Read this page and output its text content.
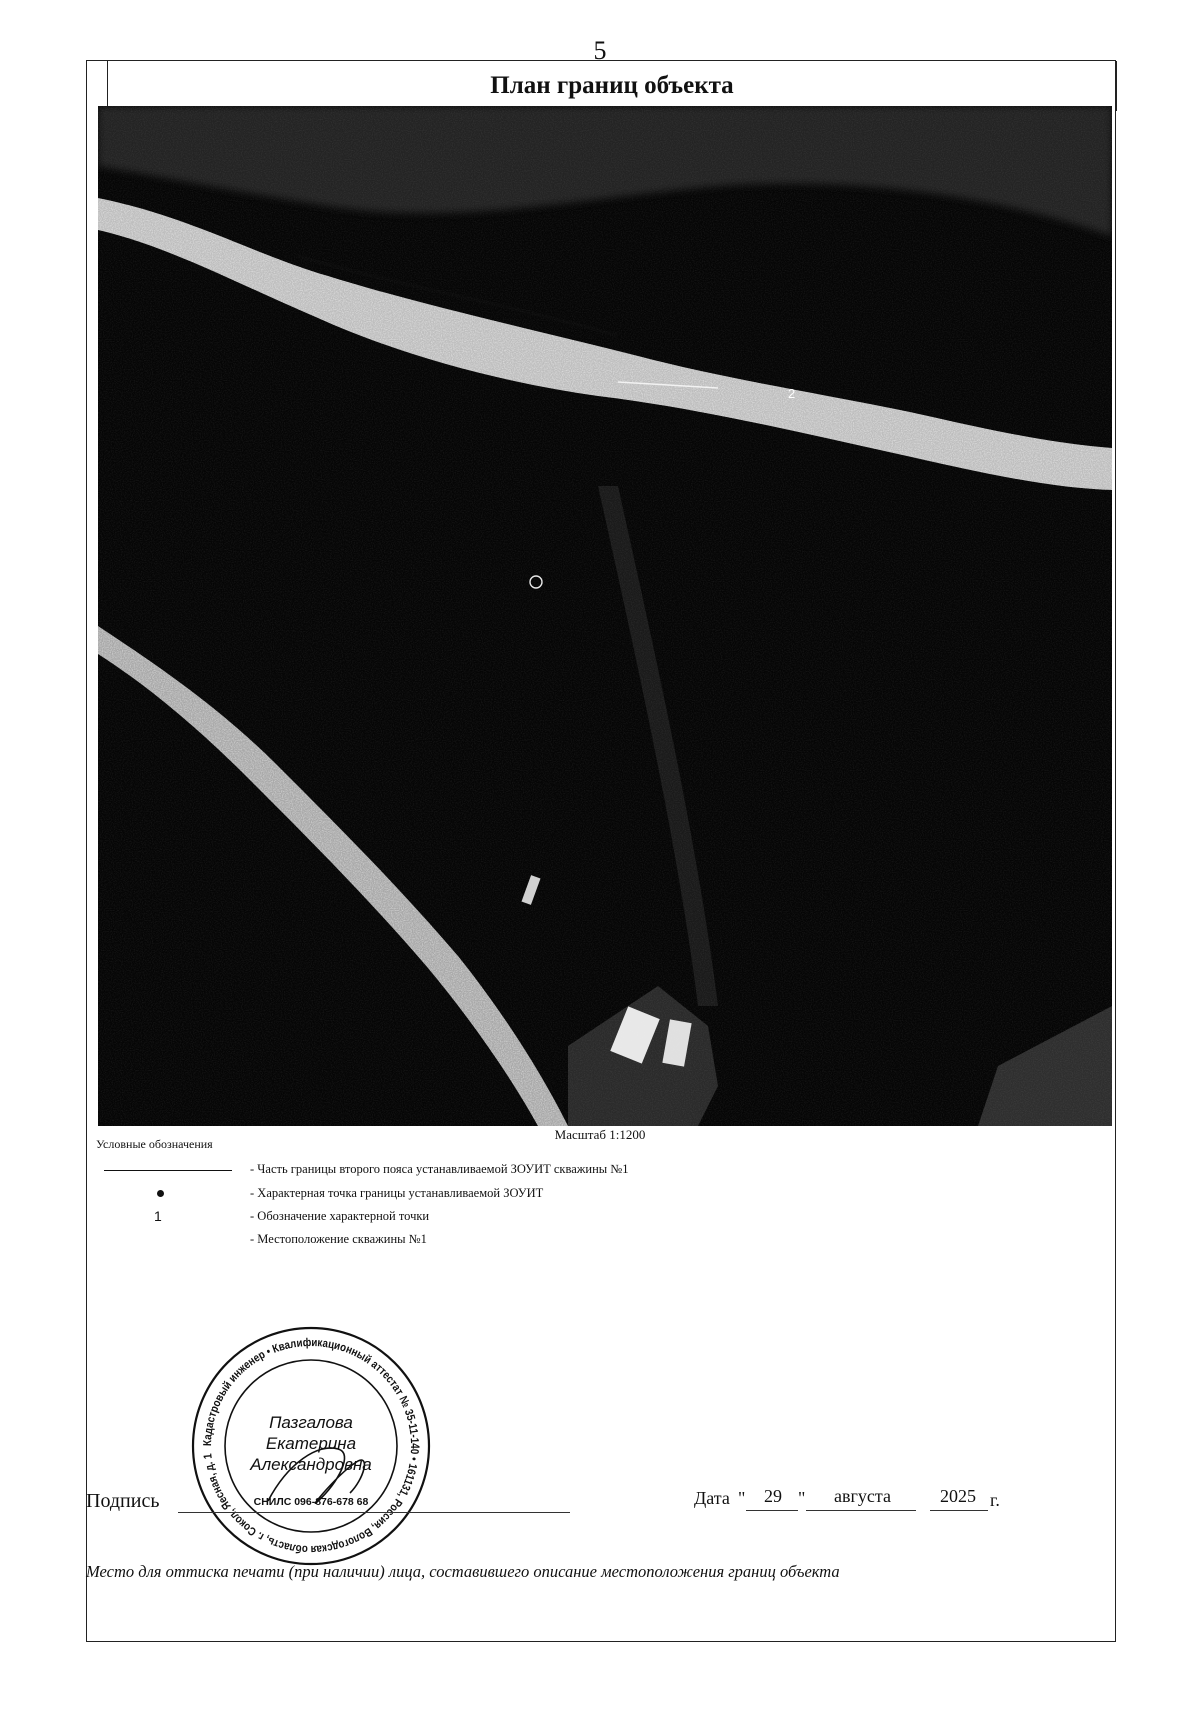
5
План границ объекта
2
Масштаб 1:1200
Условные обозначения
- Часть границы второго пояса устанавливаемой ЗОУИТ скважины №1
- Характерная точка границы устанавливаемой ЗОУИТ
1	- Обозначение характерной точки
- Местоположение скважины №1
Кадастровый инженер • Квалификационный аттестат № 35-11-140 • 161131, Россия, Вологодская область, г. Сокол, Яесная, д. 1
Пазгалова
Екатерина
Александровна
СНИЛС 096-876-678 68
Подпись	Дата " 29 " августа	2025 г.
Место для оттиска печати (при наличии) лица, составившего описание местоположения границ объекта
